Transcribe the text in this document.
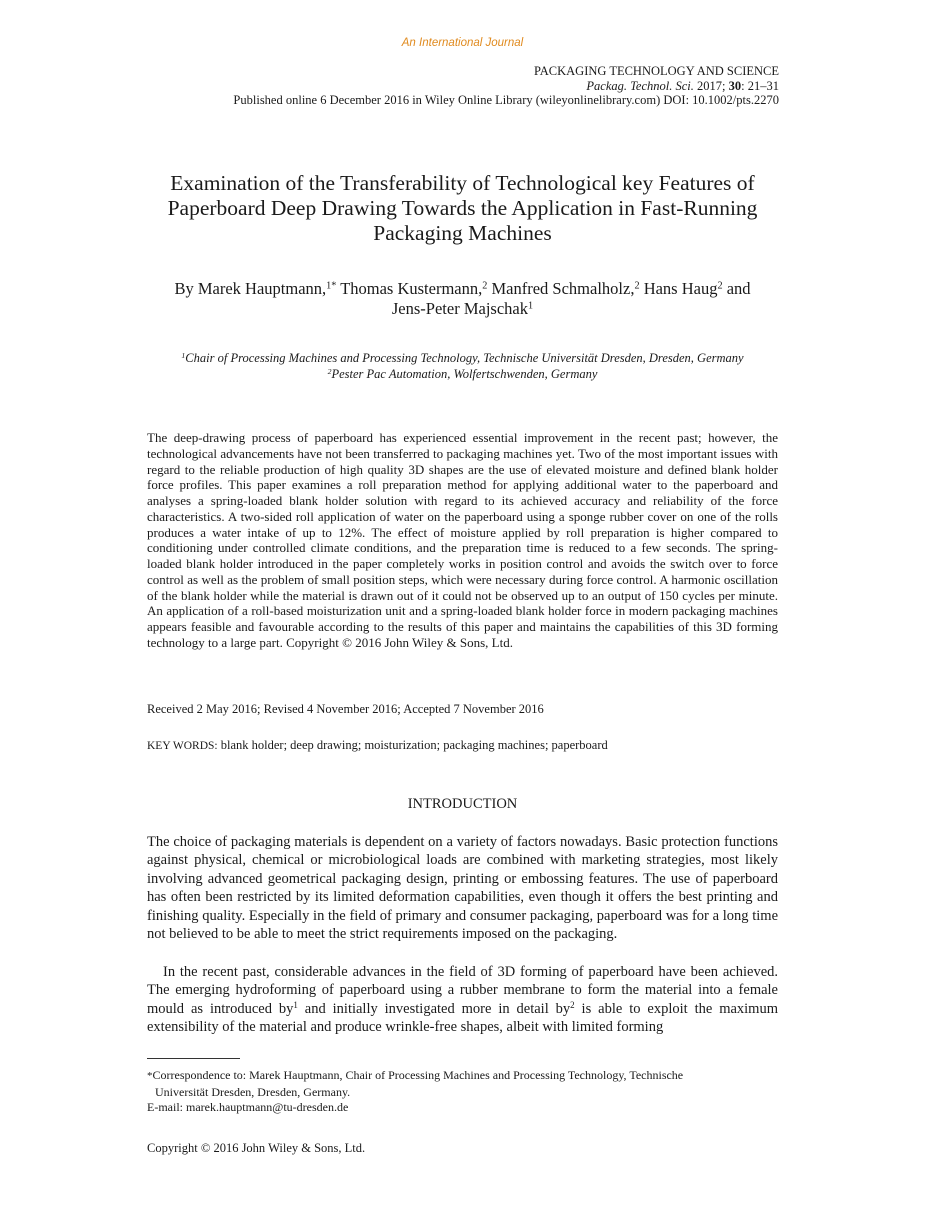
An International Journal
PACKAGING TECHNOLOGY AND SCIENCE
Packag. Technol. Sci. 2017; 30: 21–31
Published online 6 December 2016 in Wiley Online Library (wileyonlinelibrary.com) DOI: 10.1002/pts.2270
Examination of the Transferability of Technological key Features of Paperboard Deep Drawing Towards the Application in Fast-Running Packaging Machines
By Marek Hauptmann,$^{1*}$ Thomas Kustermann,$^2$ Manfred Schmalholz,$^2$ Hans Haug$^2$ and
Jens-Peter Majschak$^1$
$^1$Chair of Processing Machines and Processing Technology, Technische Universität Dresden, Dresden, Germany
$^2$Pester Pac Automation, Wolfertschwenden, Germany

The deep-drawing process of paperboard has experienced essential improvement in the recent past; however, the technological advancements have not been transferred to packaging machines yet. Two of the most important issues with regard to the reliable production of high quality 3D shapes are the use of elevated moisture and defined blank holder force profiles. This paper examines a roll preparation method for applying additional water to the paperboard and analyses a spring-loaded blank holder solution with regard to its achieved accuracy and reliability of the force characteristics. A two-sided roll application of water on the paperboard using a sponge rubber cover on one of the rolls produces a water intake of up to 12%. The effect of moisture applied by roll preparation is higher compared to conditioning under controlled climate conditions, and the preparation time is reduced to a few seconds. The spring-loaded blank holder introduced in the paper completely works in position control and avoids the switch over to force control as well as the problem of small position steps, which were necessary during force control. A harmonic oscillation of the blank holder while the material is drawn out of it could not be observed up to an output of 150 cycles per minute. An application of a roll-based moisturization unit and a spring-loaded blank holder force in modern packaging machines appears feasible and favourable according to the results of this paper and maintains the capabilities of this 3D forming technology to a large part. Copyright © 2016 John Wiley & Sons, Ltd.

Received 2 May 2016; Revised 4 November 2016; Accepted 7 November 2016
KEY WORDS: blank holder; deep drawing; moisturization; packaging machines; paperboard
INTRODUCTION

The choice of packaging materials is dependent on a variety of factors nowadays. Basic protection functions against physical, chemical or microbiological loads are combined with marketing strategies, most likely involving advanced geometrical packaging design, printing or embossing features. The use of paperboard has often been restricted by its limited deformation capabilities, even though it offers the best printing and finishing quality. Especially in the field of primary and consumer packaging, paperboard was for a long time not believed to be able to meet the strict requirements imposed on the packaging.

In the recent past, considerable advances in the field of 3D forming of paperboard have been achieved. The emerging hydroforming of paperboard using a rubber membrane to form the material into a female mould as introduced $by^1$ and initially investigated more in detail $by^2$ is able to exploit the maximum extensibility of the material and produce wrinkle-free shapes, albeit with limited forming

*Correspondence to: Marek Hauptmann, Chair of Processing Machines and Processing Technology, Technische
Universität Dresden, Dresden, Germany.
E-mail: marek.hauptmann@tu-dresden.de
Copyright © 2016 John Wiley & Sons, Ltd.
